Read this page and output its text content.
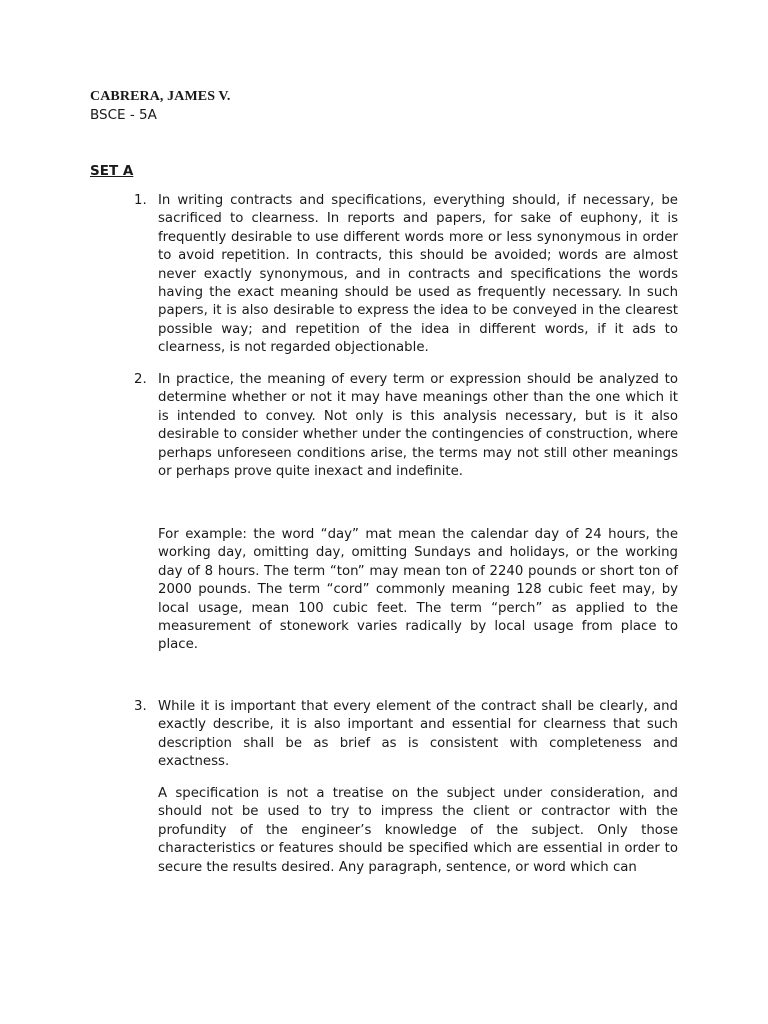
CABRERA, JAMES V.
BSCE - 5A
SET A
1. In writing contracts and specifications, everything should, if necessary, be sacrificed to clearness. In reports and papers, for sake of euphony, it is frequently desirable to use different words more or less synonymous in order to avoid repetition. In contracts, this should be avoided; words are almost never exactly synonymous, and in contracts and specifications the words having the exact meaning should be used as frequently necessary. In such papers, it is also desirable to express the idea to be conveyed in the clearest possible way; and repetition of the idea in different words, if it ads to clearness, is not regarded objectionable.

2. In practice, the meaning of every term or expression should be analyzed to determine whether or not it may have meanings other than the one which it is intended to convey. Not only is this analysis necessary, but is it also desirable to consider whether under the contingencies of construction, where perhaps unforeseen conditions arise, the terms may not still other meanings or perhaps prove quite inexact and indefinite.

For example: the word “day” mat mean the calendar day of 24 hours, the working day, omitting day, omitting Sundays and holidays, or the working day of 8 hours. The term “ton” may mean ton of 2240 pounds or short ton of 2000 pounds. The term “cord” commonly meaning 128 cubic feet may, by local usage, mean 100 cubic feet. The term “perch” as applied to the measurement of stonework varies radically by local usage from place to place.

3. While it is important that every element of the contract shall be clearly, and exactly describe, it is also important and essential for clearness that such description shall be as brief as is consistent with completeness and exactness.

A specification is not a treatise on the subject under consideration, and should not be used to try to impress the client or contractor with the profundity of the engineer’s knowledge of the subject. Only those characteristics or features should be specified which are essential in order to secure the results desired. Any paragraph, sentence, or word which can
